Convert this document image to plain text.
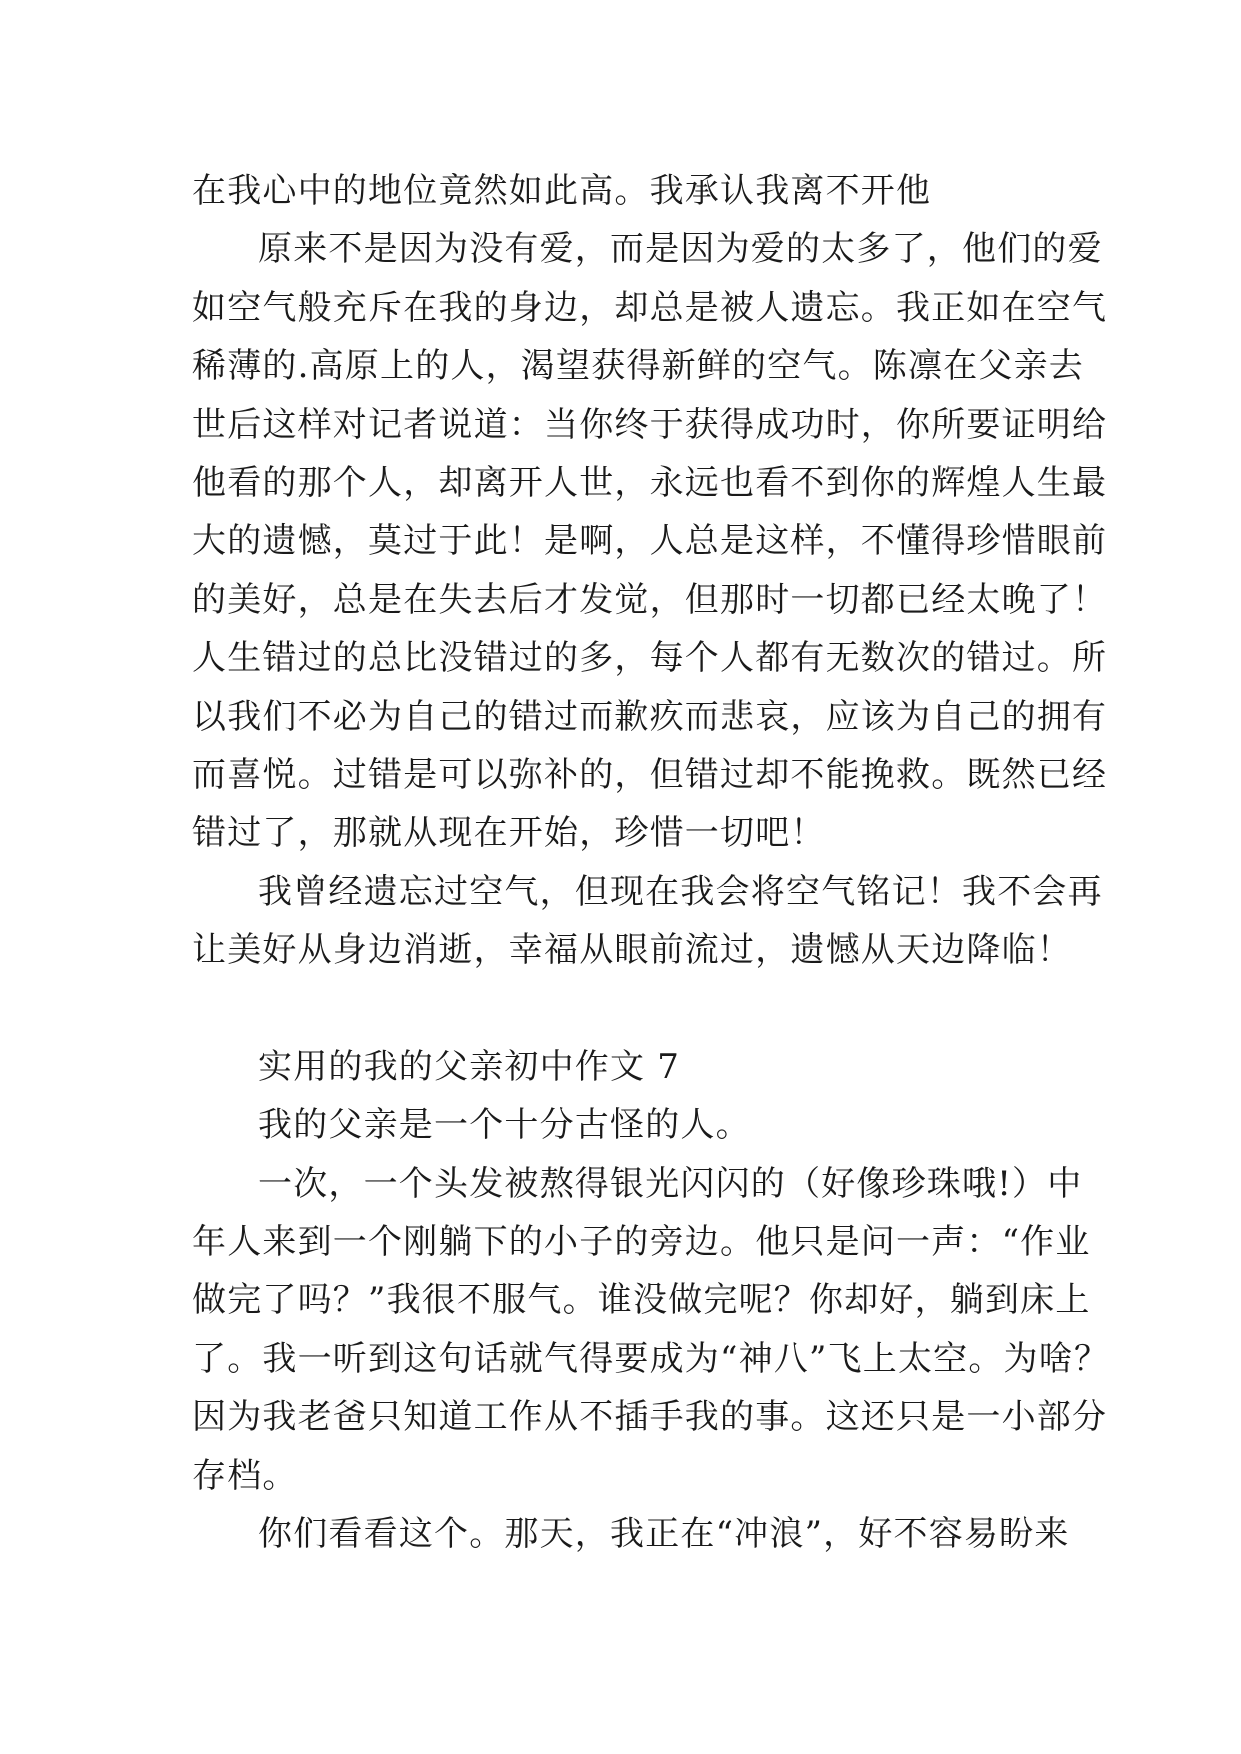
在我心中的地位竟然如此高。我承认我离不开他
原来不是因为没有爱，而是因为爱的太多了，他们的爱
如空气般充斥在我的身边，却总是被人遗忘。我正如在空气
稀薄的.高原上的人，渴望获得新鲜的空气。陈凛在父亲去
世后这样对记者说道：当你终于获得成功时，你所要证明给
他看的那个人，却离开人世，永远也看不到你的辉煌人生最
大的遗憾，莫过于此！是啊，人总是这样，不懂得珍惜眼前
的美好，总是在失去后才发觉，但那时一切都已经太晚了！
人生错过的总比没错过的多，每个人都有无数次的错过。所
以我们不必为自己的错过而歉疚而悲哀，应该为自己的拥有
而喜悦。过错是可以弥补的，但错过却不能挽救。既然已经
错过了，那就从现在开始，珍惜一切吧！
我曾经遗忘过空气，但现在我会将空气铭记！我不会再
让美好从身边消逝，幸福从眼前流过，遗憾从天边降临！
实用的我的父亲初中作文 7
我的父亲是一个十分古怪的人。
一次，一个头发被熬得银光闪闪的（好像珍珠哦!）中
年人来到一个刚躺下的小子的旁边。他只是问一声：“作业
做完了吗？”我很不服气。谁没做完呢？你却好，躺到床上
了。我一听到这句话就气得要成为“神八”飞上太空。为啥？
因为我老爸只知道工作从不插手我的事。这还只是一小部分
存档。
你们看看这个。那天，我正在“冲浪”，好不容易盼来
